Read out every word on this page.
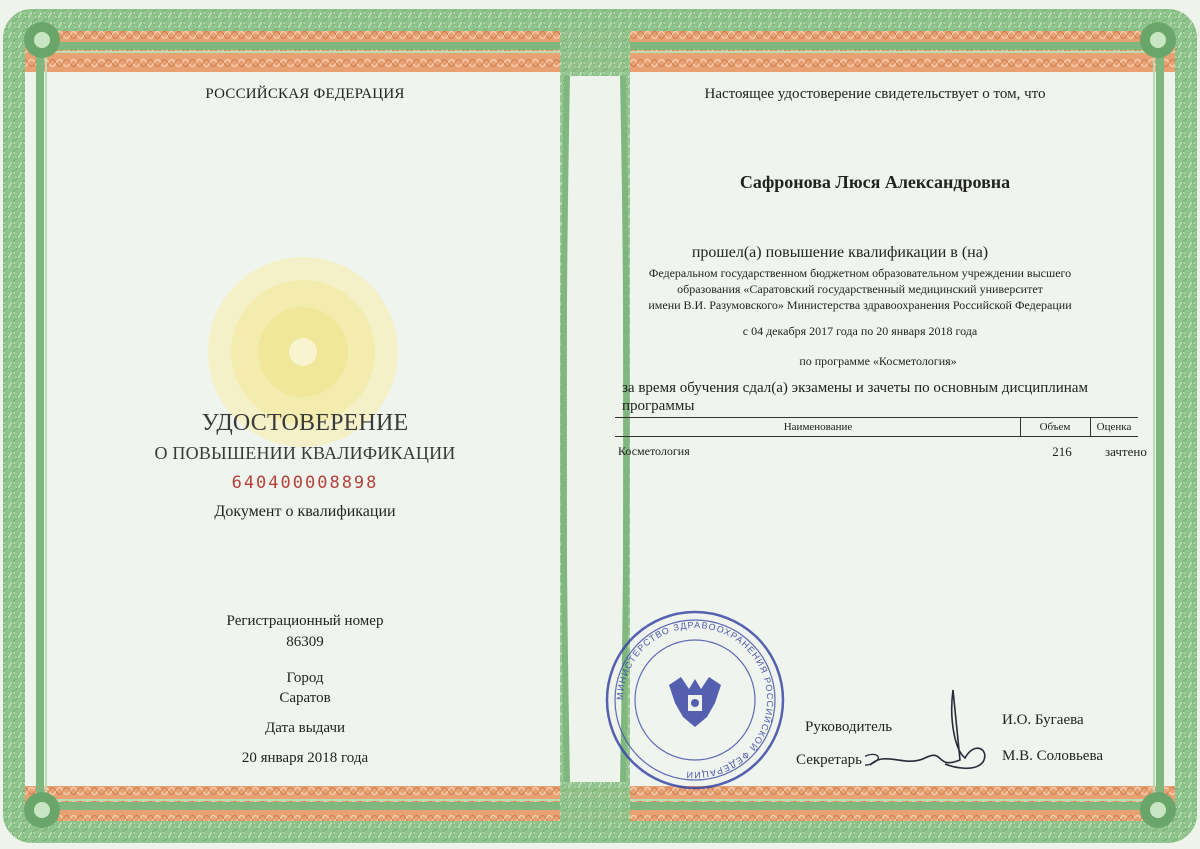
РОССИЙСКАЯ ФЕДЕРАЦИЯ
УДОСТОВЕРЕНИЕ
О ПОВЫШЕНИИ КВАЛИФИКАЦИИ
640400008898
Документ о квалификации
Регистрационный номер
86309
Город
Саратов
Дата выдачи
20 января 2018 года
Настоящее удостоверение свидетельствует о том, что
Сафронова Люся Александровна
прошел(а) повышение квалификации в (на)
Федеральном государственном бюджетном образовательном учреждении высшего
образования «Саратовский государственный медицинский университет
имени В.И. Разумовского» Министерства здравоохранения Российской Федерации
с 04 декабря 2017 года по 20 января 2018 года
по программе «Косметология»
за время обучения сдал(а) экзамены и зачеты по основным дисциплинам
программы
Наименование	Объем Оценка
Косметология	216	зачтено
Руководитель	И.О. Бугаева
Секретарь	М.В. Соловьева
МИНИСТЕРСТВО ЗДРАВООХРАНЕНИЯ РОССИЙСКОЙ ФЕДЕРАЦИИ
